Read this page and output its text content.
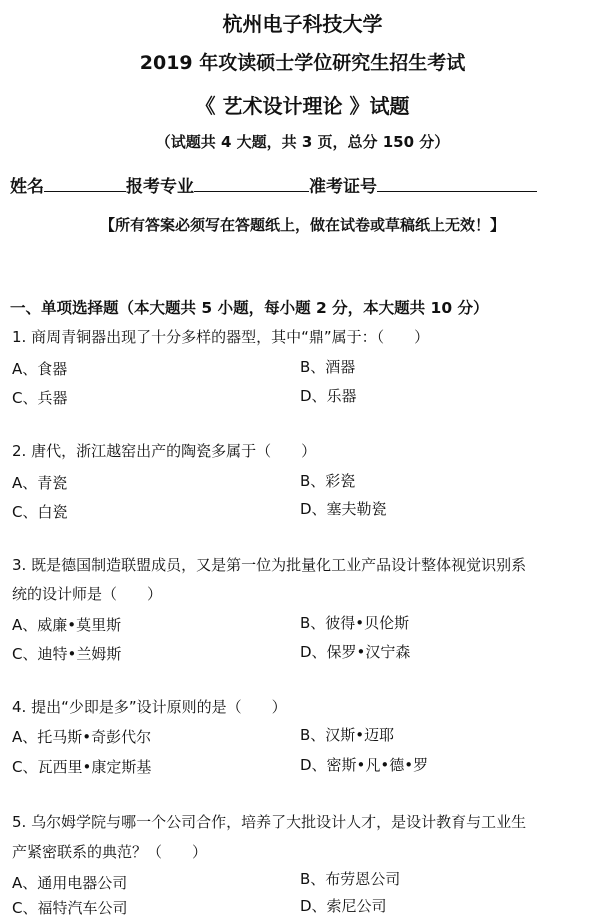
杭州电子科技大学
2019 年攻读硕士学位研究生招生考试
《 艺术设计理论 》试题
（试题共 4 大题，共 3 页，总分 150 分）
姓名	报考专业	准考证号
【所有答案必须写在答题纸上，做在试卷或草稿纸上无效！】
一、单项选择题（本大题共 5 小题，每小题 2 分，本大题共 10 分）
1. 商周青铜器出现了十分多样的器型，其中“鼎”属于：（　　）
A、食器	B、酒器
C、兵器	D、乐器
2. 唐代，浙江越窑出产的陶瓷多属于（　　）
A、青瓷	B、彩瓷
C、白瓷	D、塞夫勒瓷
3. 既是德国制造联盟成员，又是第一位为批量化工业产品设计整体视觉识别系
统的设计师是（　　）
A、威廉•莫里斯	B、彼得•贝伦斯
C、迪特•兰姆斯	D、保罗•汉宁森
4. 提出“少即是多”设计原则的是（　　）
A、托马斯•奇彭代尔	B、汉斯•迈耶
C、瓦西里•康定斯基	D、密斯•凡•德•罗
5. 乌尔姆学院与哪一个公司合作，培养了大批设计人才，是设计教育与工业生
产紧密联系的典范？（　　）
A、通用电器公司	B、布劳恩公司
C、福特汽车公司	D、索尼公司
